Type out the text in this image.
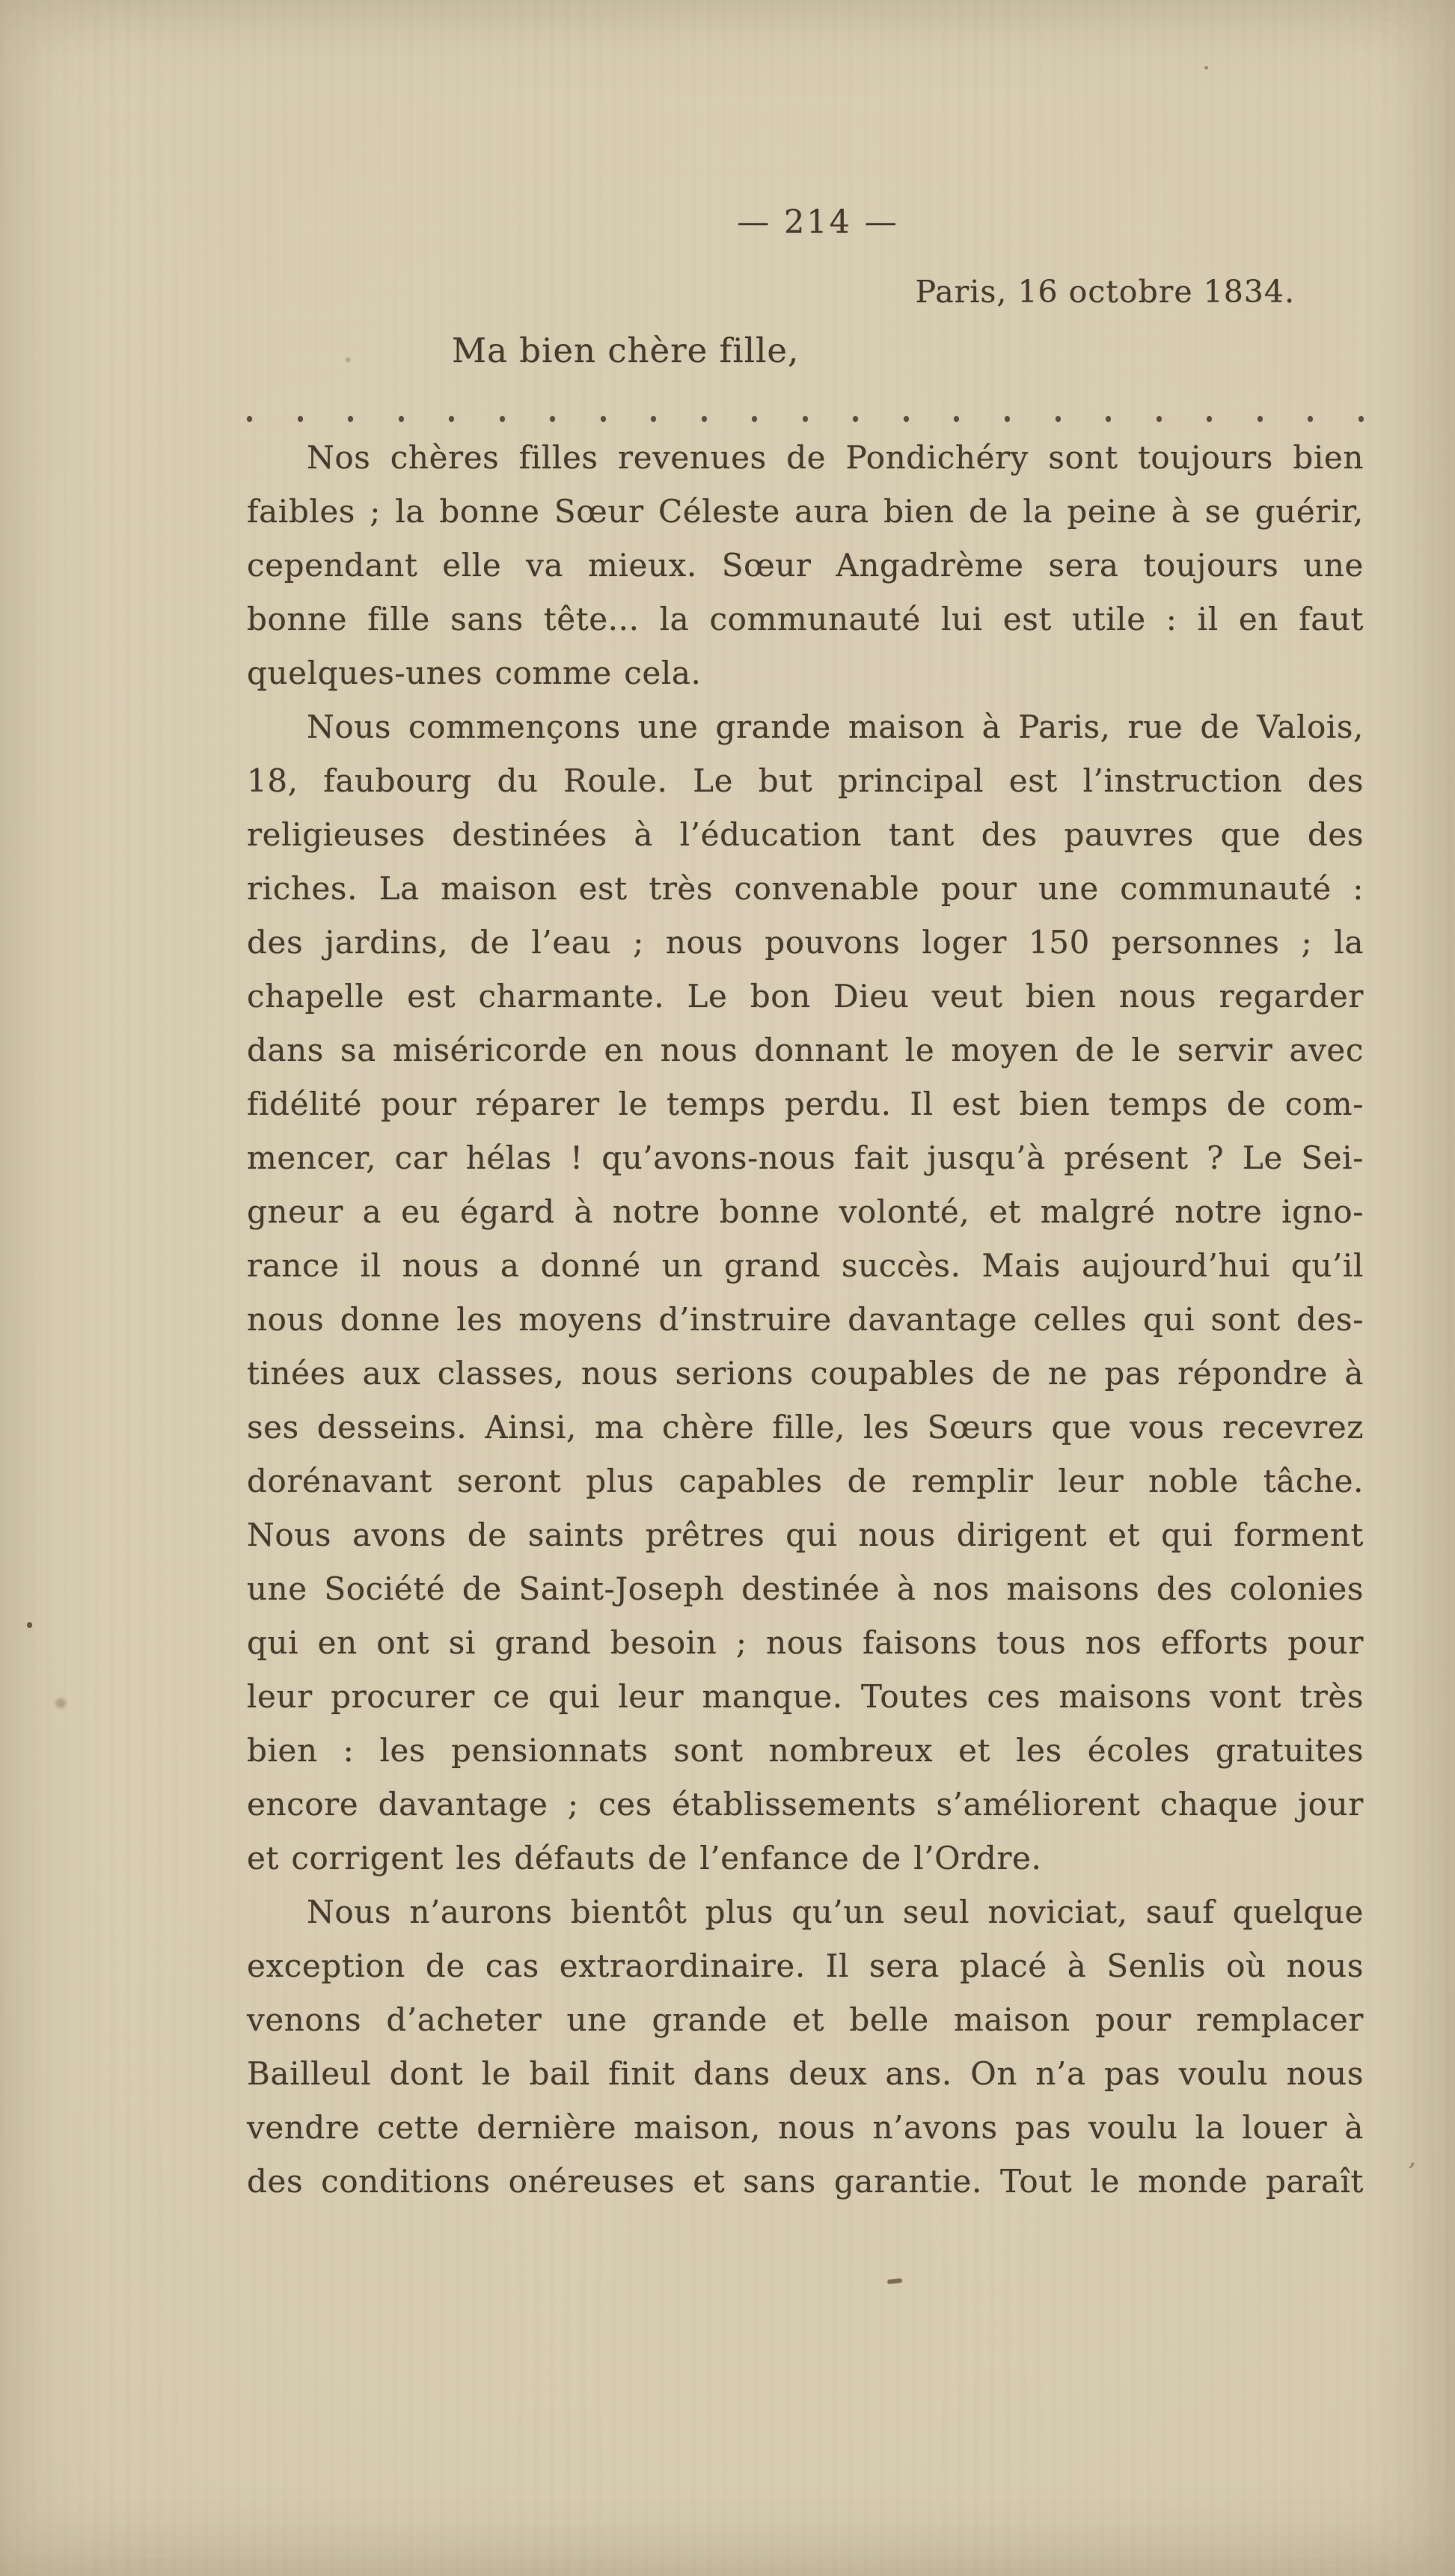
— 214 —
Paris, 16 octobre 1834.
Ma bien chère fille,
Nos chères filles revenues de Pondichéry sont toujours bien
faibles ; la bonne Sœur Céleste aura bien de la peine à se guérir,
cependant elle va mieux. Sœur Angadrème sera toujours une
bonne fille sans tête... la communauté lui est utile : il en faut
quelques-unes comme cela.
Nous commençons une grande maison à Paris, rue de Valois,
18, faubourg du Roule. Le but principal est l’instruction des
religieuses destinées à l’éducation tant des pauvres que des
riches. La maison est très convenable pour une communauté :
des jardins, de l’eau ; nous pouvons loger 150 personnes ; la
chapelle est charmante. Le bon Dieu veut bien nous regarder
dans sa miséricorde en nous donnant le moyen de le servir avec
fidélité pour réparer le temps perdu. Il est bien temps de com-
mencer, car hélas ! qu’avons-nous fait jusqu’à présent ? Le Sei-
gneur a eu égard à notre bonne volonté, et malgré notre igno-
rance il nous a donné un grand succès. Mais aujourd’hui qu’il
nous donne les moyens d’instruire davantage celles qui sont des-
tinées aux classes, nous serions coupables de ne pas répondre à
ses desseins. Ainsi, ma chère fille, les Sœurs que vous recevrez
dorénavant seront plus capables de remplir leur noble tâche.
Nous avons de saints prêtres qui nous dirigent et qui forment
une Société de Saint-Joseph destinée à nos maisons des colonies
qui en ont si grand besoin ; nous faisons tous nos efforts pour
leur procurer ce qui leur manque. Toutes ces maisons vont très
bien : les pensionnats sont nombreux et les écoles gratuites
encore davantage ; ces établissements s’améliorent chaque jour
et corrigent les défauts de l’enfance de l’Ordre.
Nous n’aurons bientôt plus qu’un seul noviciat, sauf quelque
exception de cas extraordinaire. Il sera placé à Senlis où nous
venons d’acheter une grande et belle maison pour remplacer
Bailleul dont le bail finit dans deux ans. On n’a pas voulu nous
vendre cette dernière maison, nous n’avons pas voulu la louer à
des conditions onéreuses et sans garantie. Tout le monde paraît ’
